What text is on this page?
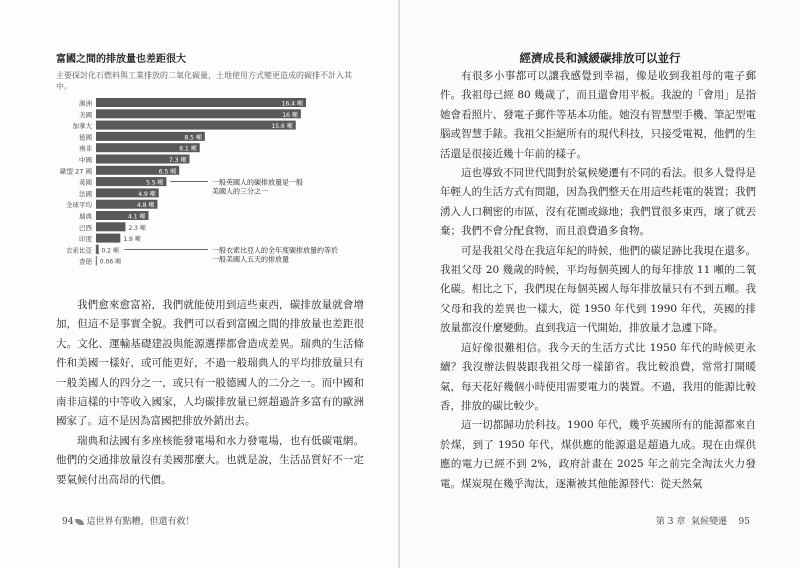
富國之間的排放量也差距很大
主要探討化石燃料與工業排放的二氧化碳量，土地使用方式變更造成的碳排不計入其中。
澳洲	16.4 噸
美國	16 噸
加拿大	15.6 噸
德國	8.5 噸
南非	8.1 噸
中國	7.3 噸
歐盟 27 國	6.5 噸
英國	5.5 噸
法國	4.9 噸
全球平均	4.8 噸
瑞典	4.1 噸
巴西	2.3 噸
印度	1.9 噸
衣索比亞 0.2 噸
查德 0.06 噸
一般英國人的碳排放量是一般
美國人的三分之一
一般衣索比亞人的全年度碳排放量約等於
一般美國人五天的排放量

我們愈來愈富裕，我們就能使用到這些東西，碳排放量就會增加，但這不是事實全貌。我們可以看到富國之間的排放量也差距很大。文化、運輸基礎建設與能源選擇都會造成差異。瑞典的生活條件和美國一樣好，或可能更好，不過一般瑞典人的平均排放量只有一般美國人的四分之一，或只有一般德國人的二分之一。而中國和南非這樣的中等收入國家，人均碳排放量已經超過許多富有的歐洲國家了。這不是因為富國把排放外銷出去。

瑞典和法國有多座核能發電場和水力發電場，也有低碳電網。他們的交通排放量沒有美國那麼大。也就是說，生活品質好不一定要氣候付出高昂的代價。

94 這世界有點糟，但還有救！
經濟成長和減緩碳排放可以並行

有很多小事都可以讓我感覺到幸福，像是收到我祖母的電子郵件。我祖母已經 80 幾歲了，而且還會用平板。我說的「會用」是指她會看照片、發電子郵件等基本功能。她沒有智慧型手機、筆記型電腦或智慧手錶。我祖父拒絕所有的現代科技，只接受電視，他們的生活還是很接近幾十年前的樣子。

這也導致不同世代間對於氣候變遷有不同的看法。很多人覺得是年輕人的生活方式有問題，因為我們整天在用這些耗電的裝置；我們湧入人口稠密的市區，沒有花園或綠地；我們買很多東西，壞了就丟棄；我們不會分配食物，而且浪費過多食物。

可是我祖父母在我這年紀的時候，他們的碳足跡比我現在還多。我祖父母 20 幾歲的時候，平均每個英國人的每年排放 11 噸的二氧化碳。相比之下，我們現在每個英國人每年排放量只有不到五噸。我父母和我的差異也一樣大，從 1950 年代到 1990 年代，英國的排放量都沒什麼變動。直到我這一代開始，排放量才急遽下降。

這好像很難相信。我今天的生活方式比 1950 年代的時候更永續？我沒辦法假裝跟我祖父母一樣節省。我比較浪費，常常打開暖氣，每天花好幾個小時使用需要電力的裝置。不過，我用的能源比較香，排放的碳比較少。

這一切都歸功於科技。1900 年代，幾乎英國所有的能源都來自於煤，到了 1950 年代，煤供應的能源還是超過九成。現在由煤供應的電力已經不到 2%，政府計畫在 2025 年之前完全淘汰火力發電。煤炭現在幾乎淘汰，逐漸被其他能源替代：從天然氣

第 3 章 氣候變遷 95
